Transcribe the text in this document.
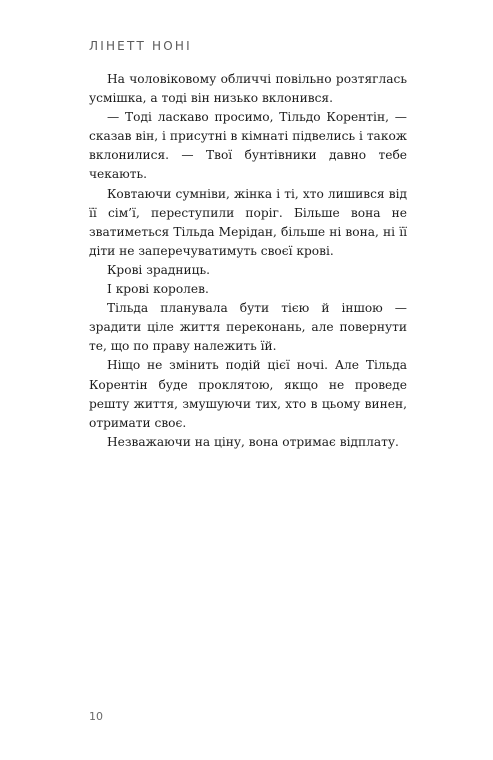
ЛІНЕТТ НОНІ

На чоловіковому обличчі повільно розтяглась усмішка, а тоді він низько вклонився.

— Тоді ласкаво просимо, Тільдо Корентін, — сказав він, і присутні в кімнаті підвелись і також вклонилися. — Твої бунтівники давно тебе чекають.

Ковтаючи сумніви, жінка і ті, хто лишився від її сім’ї, переступили поріг. Більше вона не зватиметься Тільда Мерідан, більше ні вона, ні її діти не заперечуватимуть своєї крові.

Крові зрадниць.

І крові королев.

Тільда планувала бути тією й іншою — зрадити ціле життя переконань, але повернути те, що по праву належить їй.

Ніщо не змінить подій цієї ночі. Але Тільда Корентін буде проклятою, якщо не проведе решту життя, змушуючи тих, хто в цьому винен, отримати своє.

Незважаючи на ціну, вона отримає відплату.

10
